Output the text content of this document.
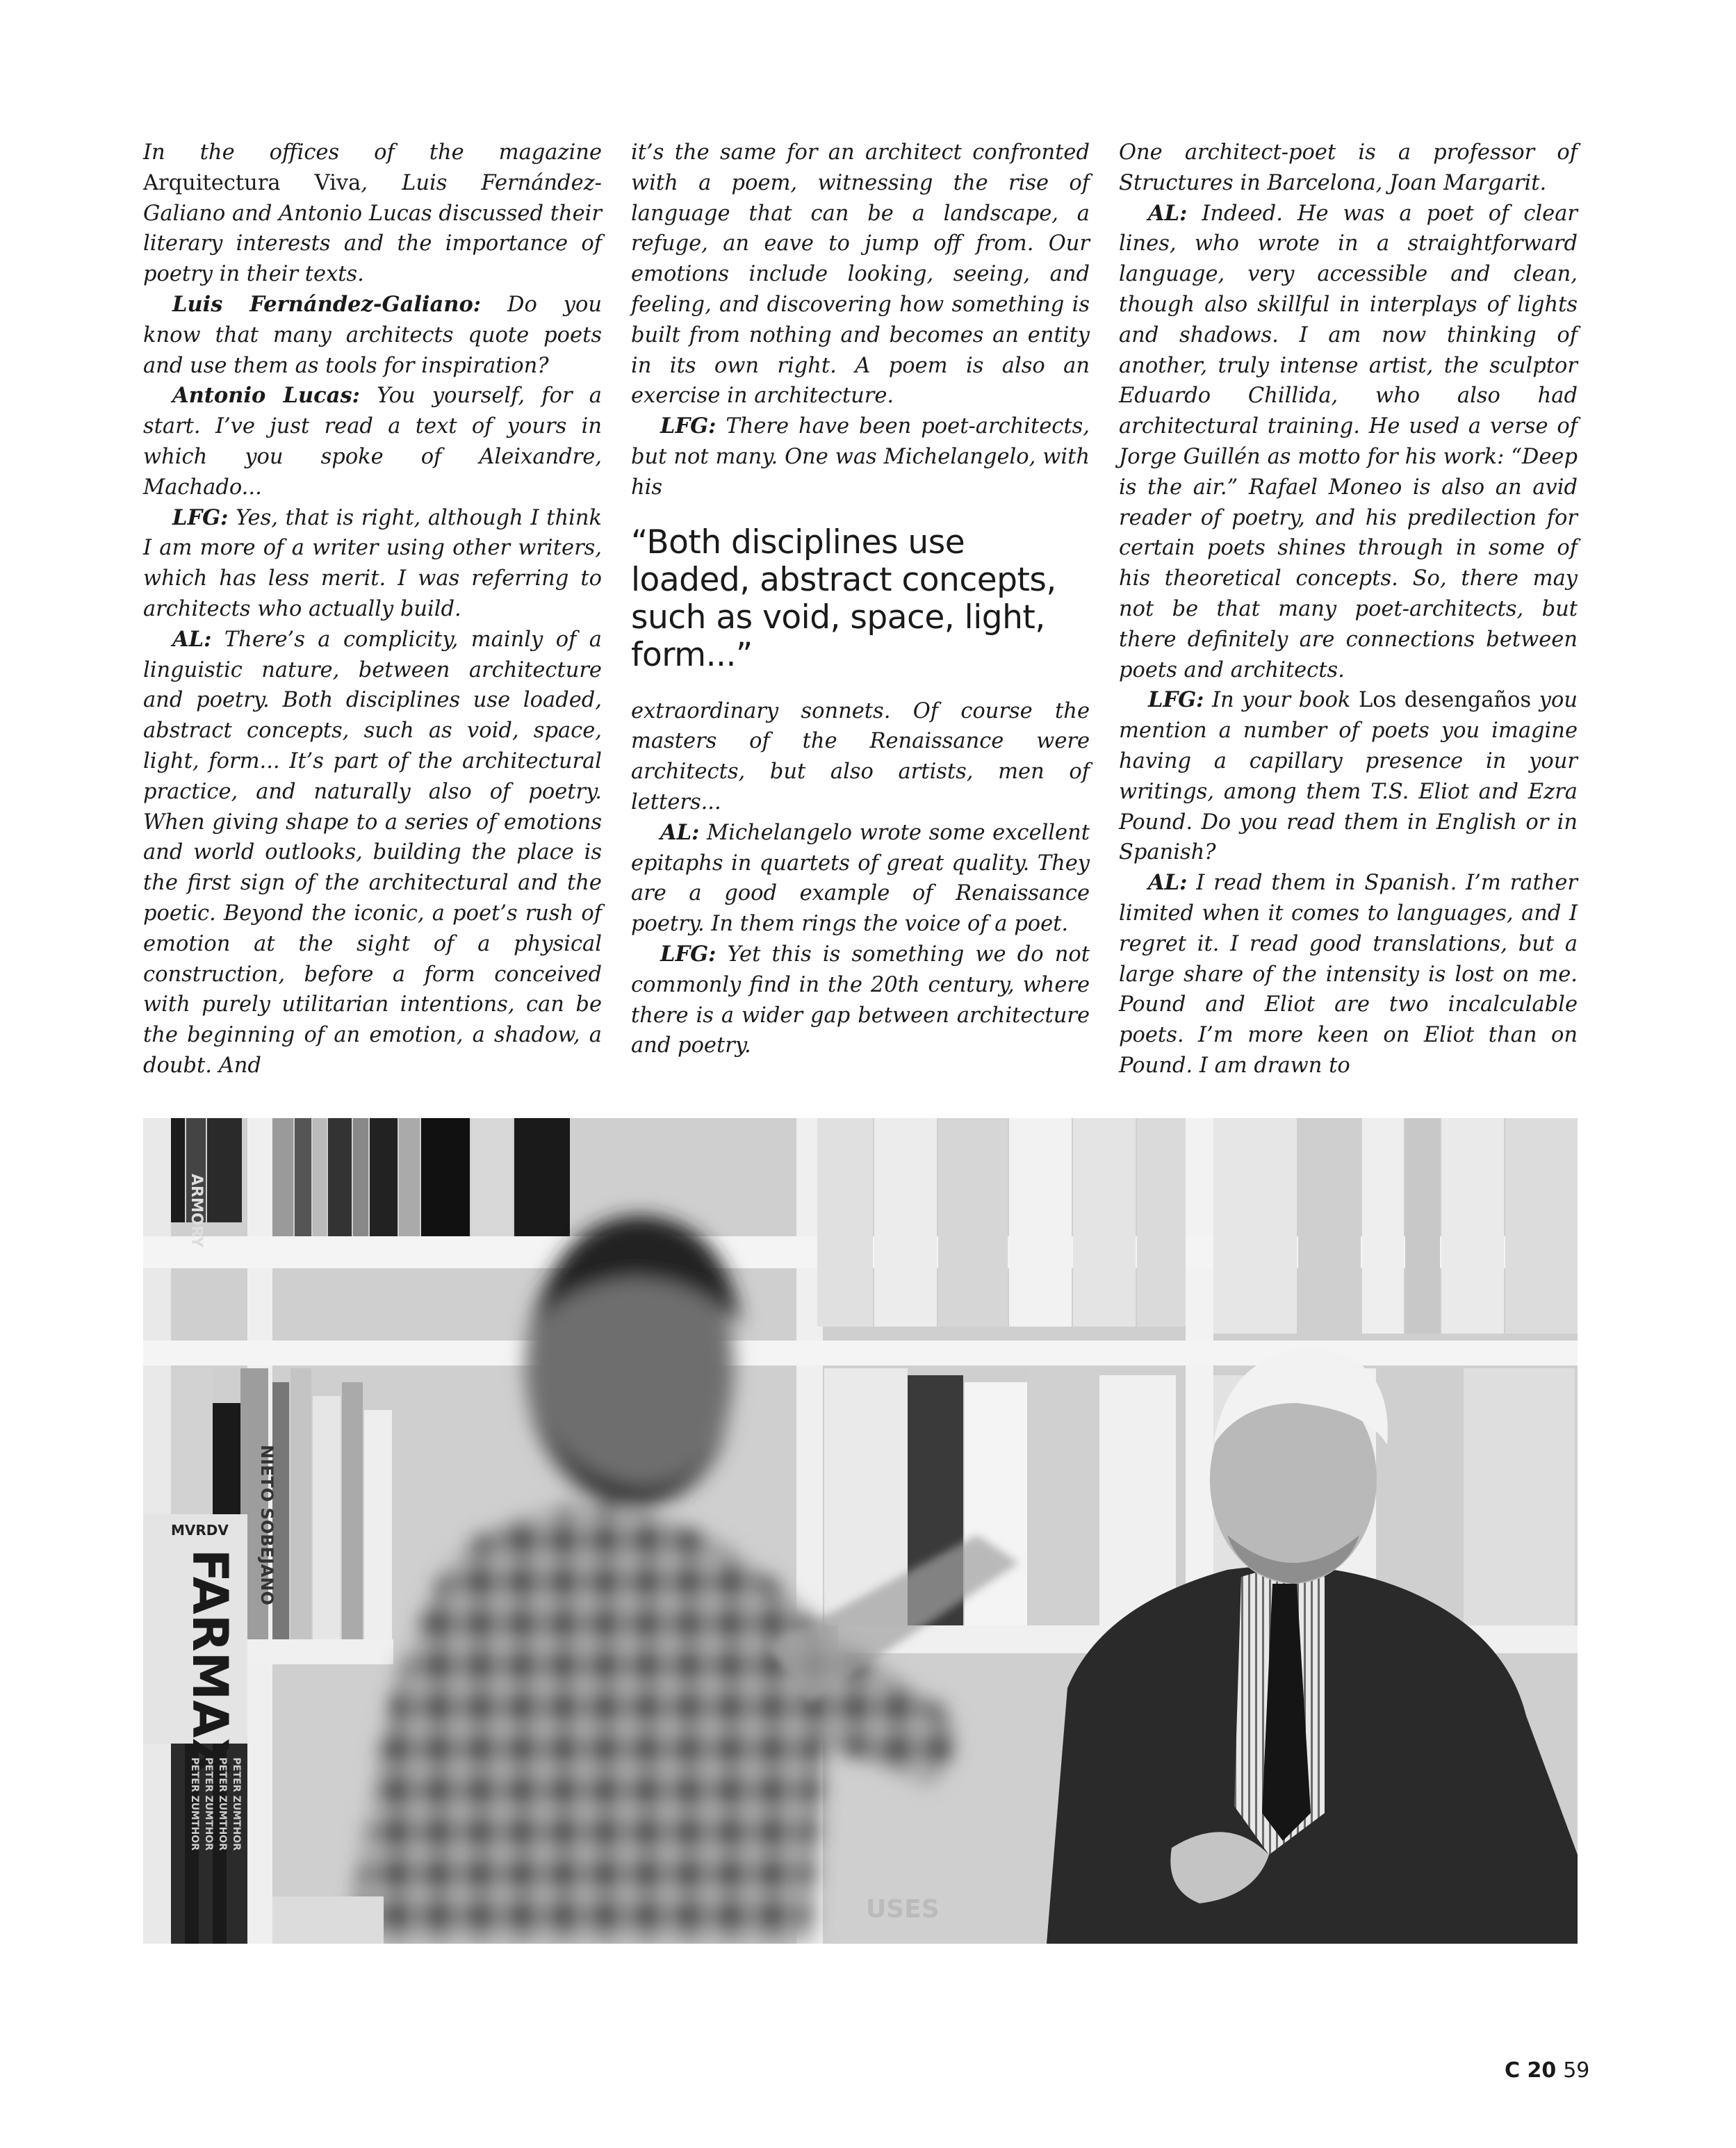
In the offices of the magazine Arquitectura Viva, Luis Fernández-Galiano and Antonio Lucas discussed their literary interests and the importance of poetry in their texts.

Luis Fernández-Galiano: Do you know that many architects quote poets and use them as tools for inspiration?

Antonio Lucas: You yourself, for a start. I’ve just read a text of yours in which you spoke of Aleixandre, Machado...

LFG: Yes, that is right, although I think I am more of a writer using other writers, which has less merit. I was referring to architects who actually build.

AL: There’s a complicity, mainly of a linguistic nature, between architecture and poetry. Both disciplines use loaded, abstract concepts, such as void, space, light, form... It’s part of the architectural practice, and naturally also of poetry. When giving shape to a series of emotions and world outlooks, building the place is the first sign of the architectural and the poetic. Beyond the iconic, a poet’s rush of emotion at the sight of a physical construction, before a form conceived with purely utilitarian intentions, can be the beginning of an emotion, a shadow, a doubt. And

it’s the same for an architect confronted with a poem, witnessing the rise of language that can be a landscape, a refuge, an eave to jump off from. Our emotions include looking, seeing, and feeling, and discovering how something is built from nothing and becomes an entity in its own right. A poem is also an exercise in architecture.

LFG: There have been poet-architects, but not many. One was Michelangelo, with his

“Both disciplines use loaded, abstract concepts, such as void, space, light, form...”

extraordinary sonnets. Of course the masters of the Renaissance were architects, but also artists, men of letters...

AL: Michelangelo wrote some excellent epitaphs in quartets of great quality. They are a good example of Renaissance poetry. In them rings the voice of a poet.

LFG: Yet this is something we do not commonly find in the 20th century, where there is a wider gap between architecture and poetry.

One architect-poet is a professor of Structures in Barcelona, Joan Margarit.

AL: Indeed. He was a poet of clear lines, who wrote in a straightforward language, very accessible and clean, though also skillful in interplays of lights and shadows. I am now thinking of another, truly intense artist, the sculptor Eduardo Chillida, who also had architectural training. He used a verse of Jorge Guillén as motto for his work: “Deep is the air.” Rafael Moneo is also an avid reader of poetry, and his predilection for certain poets shines through in some of his theoretical concepts. So, there may not be that many poet-architects, but there definitely are connections between poets and architects.

LFG: In your book Los desengaños you mention a number of poets you imagine having a capillary presence in your writings, among them T.S. Eliot and Ezra Pound. Do you read them in English or in Spanish?

AL: I read them in Spanish. I’m rather limited when it comes to languages, and I regret it. I read good translations, but a large share of the intensity is lost on me. Pound and Eliot are two incalculable poets. I’m more keen on Eliot than on Pound. I am drawn to

ARMORY
NIETO SOBEJANO
MVRDV
FARMAX
PETER ZUMTHOR PETER ZUMTHOR PETER ZUMTHOR PETER ZUMTHOR
USES
C 20 59
